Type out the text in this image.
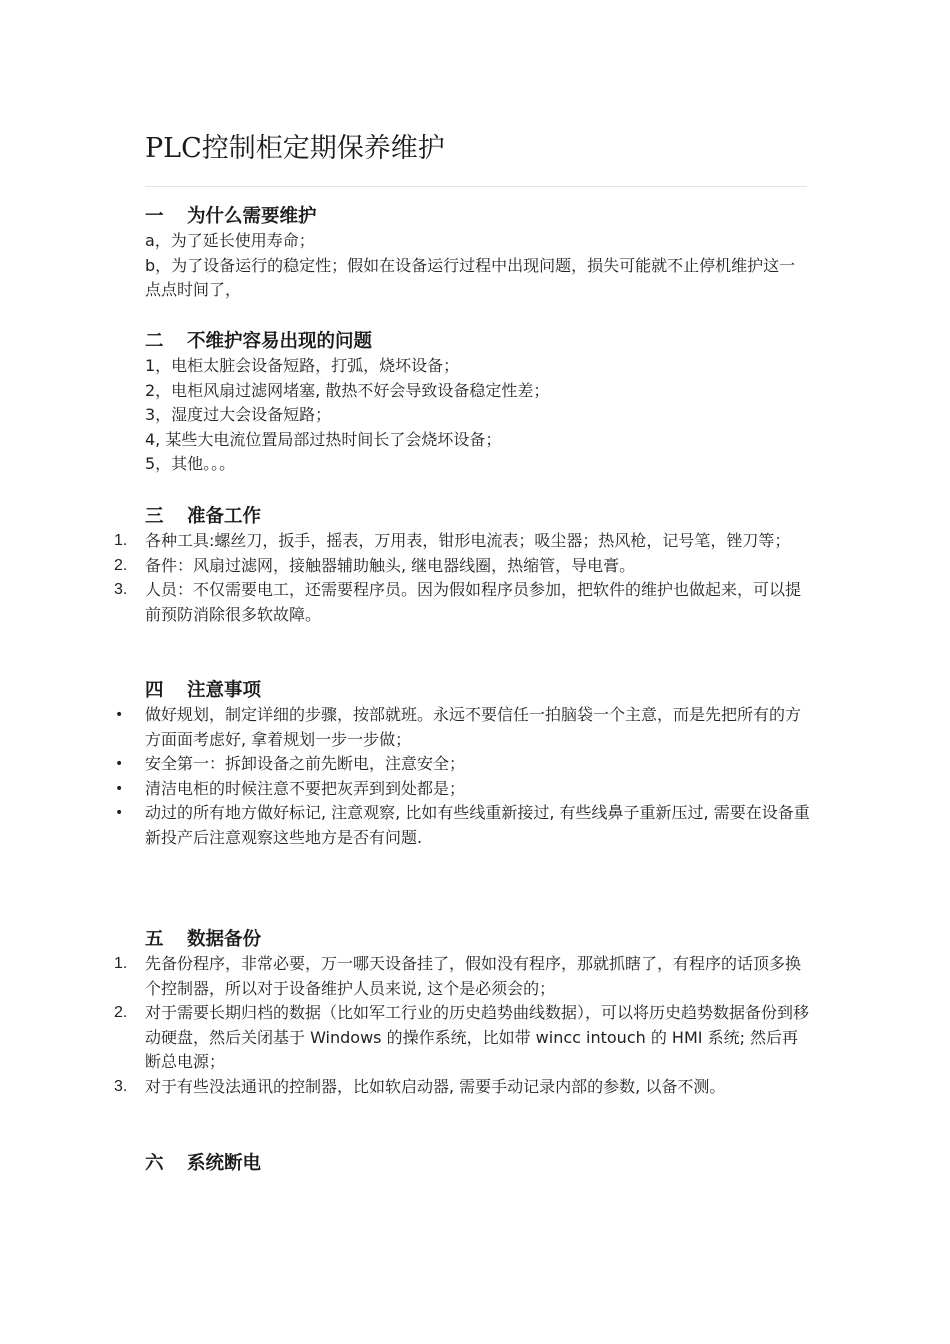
PLC控制柜定期保养维护
一 为什么需要维护

a，为了延长使用寿命；

b，为了设备运行的稳定性；假如在设备运行过程中出现问题，损失可能就不止停机维护这一点点时间了，

二 不维护容易出现的问题

1，电柜太脏会设备短路，打弧，烧坏设备；

2，电柜风扇过滤网堵塞, 散热不好会导致设备稳定性差；

3，湿度过大会设备短路；

4, 某些大电流位置局部过热时间长了会烧坏设备；

5，其他。。。

三 准备工作
1.	各种工具:螺丝刀，扳手，摇表，万用表，钳形电流表；吸尘器；热风枪，记号笔，锉刀等；
2.	备件：风扇过滤网，接触器辅助触头, 继电器线圈，热缩管，导电膏。
3.	人员：不仅需要电工，还需要程序员。因为假如程序员参加，把软件的维护也做起来，可以提前预防消除很多软故障。
四 注意事项
• 做好规划，制定详细的步骤，按部就班。永远不要信任一拍脑袋一个主意，而是先把所有的方方面面考虑好, 拿着规划一步一步做；
• 安全第一：拆卸设备之前先断电，注意安全；
• 清洁电柜的时候注意不要把灰弄到到处都是；
• 动过的所有地方做好标记, 注意观察, 比如有些线重新接过, 有些线鼻子重新压过, 需要在设备重新投产后注意观察这些地方是否有问题.
五 数据备份
1.	先备份程序，非常必要，万一哪天设备挂了，假如没有程序，那就抓瞎了，有程序的话顶多换个控制器，所以对于设备维护人员来说, 这个是必须会的；
2.	对于需要长期归档的数据（比如军工行业的历史趋势曲线数据），可以将历史趋势数据备份到移动硬盘，然后关闭基于 Windows 的操作系统，比如带 wincc intouch 的 HMI 系统; 然后再断总电源；
3.	对于有些没法通讯的控制器，比如软启动器, 需要手动记录内部的参数, 以备不测。
六 系统断电
